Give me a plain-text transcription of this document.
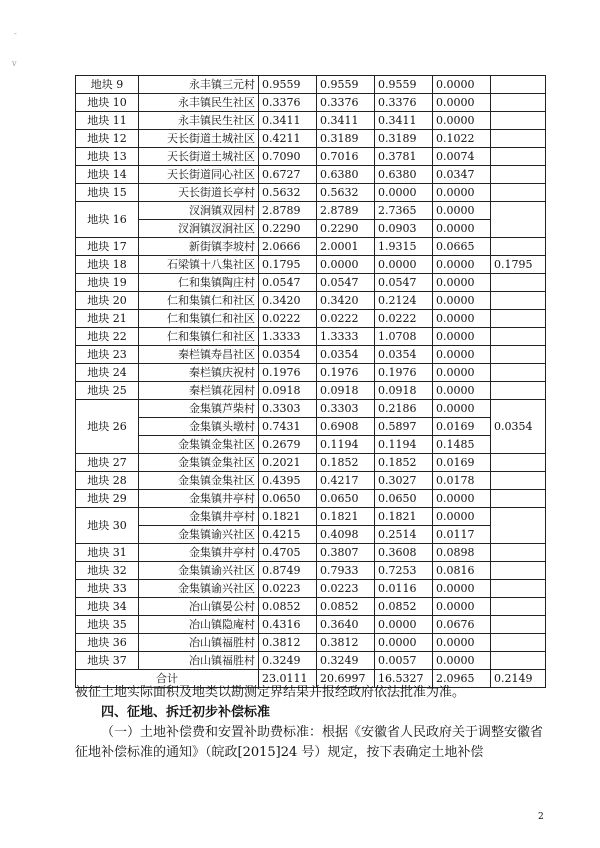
-
v
地块 9	永丰镇三元村	0.9559	0.9559	0.9559	0.0000	
地块 10	永丰镇民生社区	0.3376	0.3376	0.3376	0.0000	
地块 11	永丰镇民生社区	0.3411	0.3411	0.3411	0.0000	
地块 12	天长街道土城社区	0.4211	0.3189	0.3189	0.1022	
地块 13	天长街道土城社区	0.7090	0.7016	0.3781	0.0074	
地块 14	天长街道同心社区	0.6727	0.6380	0.6380	0.0347	
地块 15	天长街道长亭村	0.5632	0.5632	0.0000	0.0000	
地块 16	汊涧镇双园村	2.8789	2.8789	2.7365	0.0000	
	汊涧镇汊涧社区	0.2290	0.2290	0.0903	0.0000	
地块 17	新街镇李坡村	2.0666	2.0001	1.9315	0.0665	
地块 18	石梁镇十八集社区	0.1795	0.0000	0.0000	0.0000	0.1795
地块 19	仁和集镇陶庄村	0.0547	0.0547	0.0547	0.0000	
地块 20	仁和集镇仁和社区	0.3420	0.3420	0.2124	0.0000	
地块 21	仁和集镇仁和社区	0.0222	0.0222	0.0222	0.0000	
地块 22	仁和集镇仁和社区	1.3333	1.3333	1.0708	0.0000	
地块 23	秦栏镇寿昌社区	0.0354	0.0354	0.0354	0.0000	
地块 24	秦栏镇庆祝村	0.1976	0.1976	0.1976	0.0000	
地块 25	秦栏镇花园村	0.0918	0.0918	0.0918	0.0000	
地块 26	金集镇芦柴村	0.3303	0.3303	0.2186	0.0000	0.0354
	金集镇头墩村	0.7431	0.6908	0.5897	0.0169	
	金集镇金集社区	0.2679	0.1194	0.1194	0.1485	
地块 27	金集镇金集社区	0.2021	0.1852	0.1852	0.0169	
地块 28	金集镇金集社区	0.4395	0.4217	0.3027	0.0178	
地块 29	金集镇井亭村	0.0650	0.0650	0.0650	0.0000	
地块 30	金集镇井亭村	0.1821	0.1821	0.1821	0.0000	
	金集镇谕兴社区	0.4215	0.4098	0.2514	0.0117	
地块 31	金集镇井亭村	0.4705	0.3807	0.3608	0.0898	
地块 32	金集镇谕兴社区	0.8749	0.7933	0.7253	0.0816	
地块 33	金集镇谕兴社区	0.0223	0.0223	0.0116	0.0000	
地块 34	冶山镇晏公村	0.0852	0.0852	0.0852	0.0000	
地块 35	冶山镇隐庵村	0.4316	0.3640	0.0000	0.0676	
地块 36	冶山镇福胜村	0.3812	0.3812	0.0000	0.0000	
地块 37	冶山镇福胜村	0.3249	0.3249	0.0057	0.0000	
合计		23.0111	20.6997	16.5327	2.0965	0.2149
被征土地实际面积及地类以勘测定界结果并报经政府依法批准为准。
四、征地、拆迁初步补偿标准
（一）土地补偿费和安置补助费标准：根据《安徽省人民政府关于调整安徽省征地补偿标准的通知》（皖政[2015]24 号）规定，按下表确定土地补偿
2
